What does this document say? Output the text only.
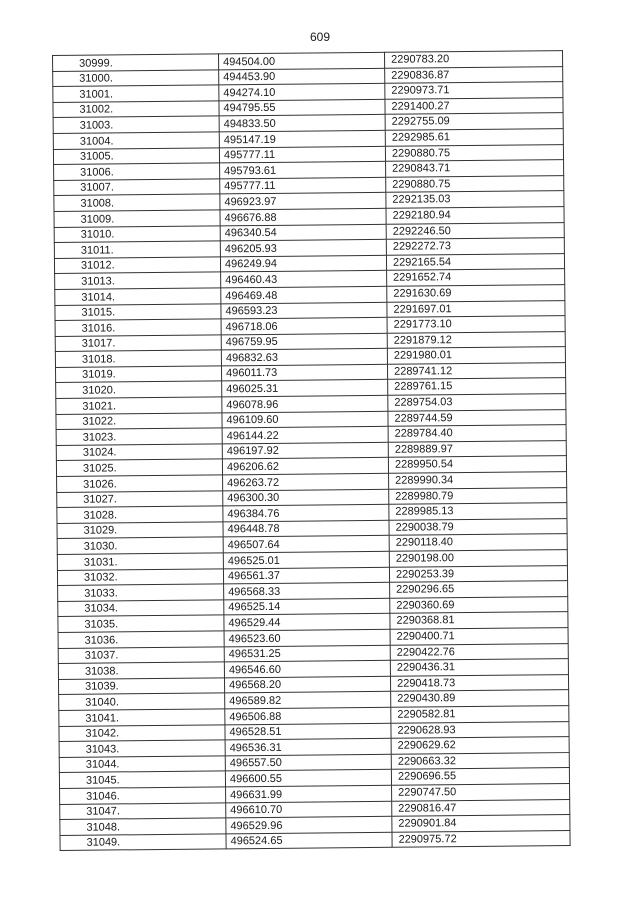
609
30999.	494504.00	2290783.20
31000.	494453.90	2290836.87
31001.	494274.10	2290973.71
31002.	494795.55	2291400.27
31003.	494833.50	2292755.09
31004.	495147.19	2292985.61
31005.	495777.11	2290880.75
31006.	495793.61	2290843.71
31007.	495777.11	2290880.75
31008.	496923.97	2292135.03
31009.	496676.88	2292180.94
31010.	496340.54	2292246.50
31011.	496205.93	2292272.73
31012.	496249.94	2292165.54
31013.	496460.43	2291652.74
31014.	496469.48	2291630.69
31015.	496593.23	2291697.01
31016.	496718.06	2291773.10
31017.	496759.95	2291879.12
31018.	496832.63	2291980.01
31019.	496011.73	2289741.12
31020.	496025.31	2289761.15
31021.	496078.96	2289754.03
31022.	496109.60	2289744.59
31023.	496144.22	2289784.40
31024.	496197.92	2289889.97
31025.	496206.62	2289950.54
31026.	496263.72	2289990.34
31027.	496300.30	2289980.79
31028.	496384.76	2289985.13
31029.	496448.78	2290038.79
31030.	496507.64	2290118.40
31031.	496525.01	2290198.00
31032.	496561.37	2290253.39
31033.	496568.33	2290296.65
31034.	496525.14	2290360.69
31035.	496529.44	2290368.81
31036.	496523.60	2290400.71
31037.	496531.25	2290422.76
31038.	496546.60	2290436.31
31039.	496568.20	2290418.73
31040.	496589.82	2290430.89
31041.	496506.88	2290582.81
31042.	496528.51	2290628.93
31043.	496536.31	2290629.62
31044.	496557.50	2290663.32
31045.	496600.55	2290696.55
31046.	496631.99	2290747.50
31047.	496610.70	2290816.47
31048.	496529.96	2290901.84
31049.	496524.65	2290975.72
